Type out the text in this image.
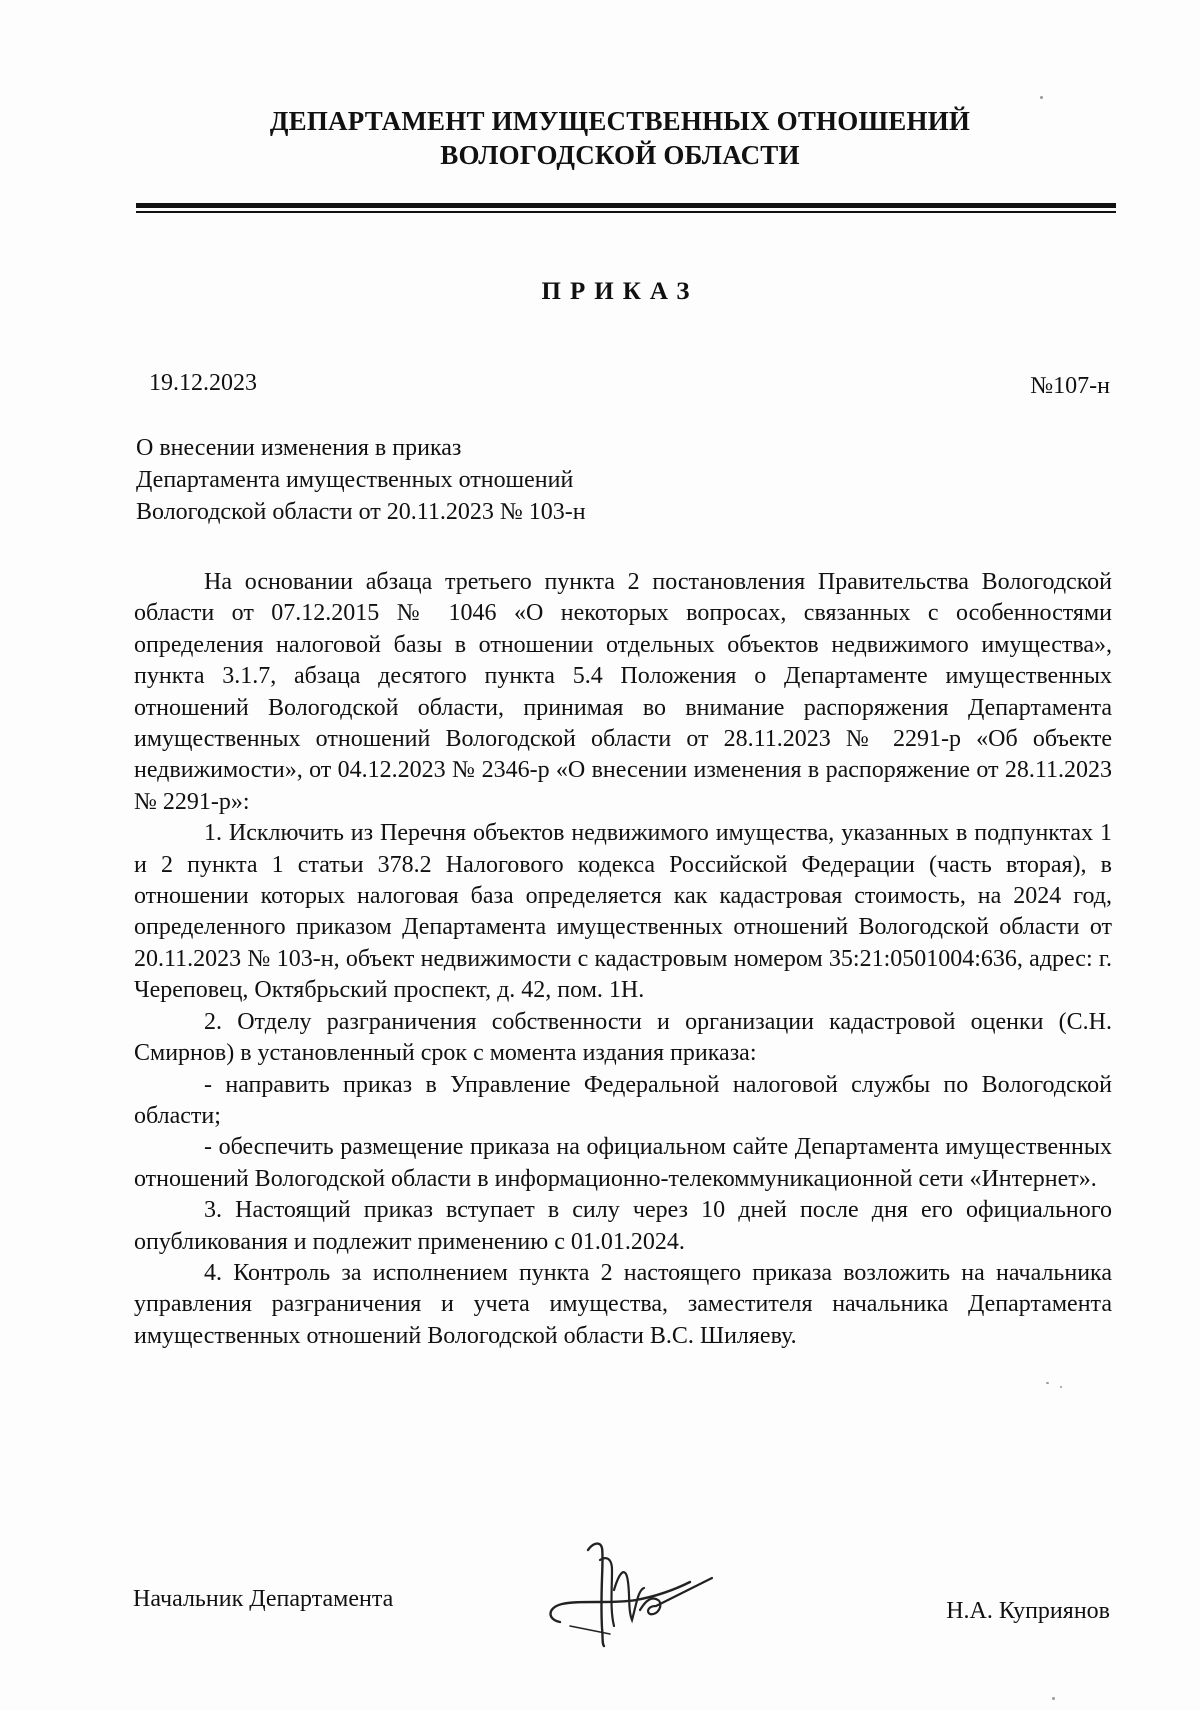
ДЕПАРТАМЕНТ ИМУЩЕСТВЕННЫХ ОТНОШЕНИЙ
ВОЛОГОДСКОЙ ОБЛАСТИ
ПРИКАЗ
19.12.2023	№107-н
О внесении изменения в приказ
Департамента имущественных отношений
Вологодской области от 20.11.2023 № 103-н

На основании абзаца третьего пункта 2 постановления Правительства Вологодской области от 07.12.2015 № 1046 «О некоторых вопросах, связанных с особенностями определения налоговой базы в отношении отдельных объектов недвижимого имущества», пункта 3.1.7, абзаца десятого пункта 5.4 Положения о Департаменте имущественных отношений Вологодской области, принимая во внимание распоряжения Департамента имущественных отношений Вологодской области от 28.11.2023 № 2291-р «Об объекте недвижимости», от 04.12.2023 № 2346-р «О внесении изменения в распоряжение от 28.11.2023 № 2291-р»:

1. Исключить из Перечня объектов недвижимого имущества, указанных в подпунктах 1 и 2 пункта 1 статьи 378.2 Налогового кодекса Российской Федерации (часть вторая), в отношении которых налоговая база определяется как кадастровая стоимость, на 2024 год, определенного приказом Департамента имущественных отношений Вологодской области от 20.11.2023 № 103-н, объект недвижимости с кадастровым номером 35:21:0501004:636, адрес: г. Череповец, Октябрьский проспект, д. 42, пом. 1Н.

2. Отделу разграничения собственности и организации кадастровой оценки (С.Н. Смирнов) в установленный срок с момента издания приказа:

- направить приказ в Управление Федеральной налоговой службы по Вологодской области;

- обеспечить размещение приказа на официальном сайте Департамента имущественных отношений Вологодской области в информационно-телекоммуникационной сети «Интернет».

3. Настоящий приказ вступает в силу через 10 дней после дня его официального опубликования и подлежит применению с 01.01.2024.

4. Контроль за исполнением пункта 2 настоящего приказа возложить на начальника управления разграничения и учета имущества, заместителя начальника Департамента имущественных отношений Вологодской области В.С. Шиляеву.

Начальник Департамента	Н.А. Куприянов
